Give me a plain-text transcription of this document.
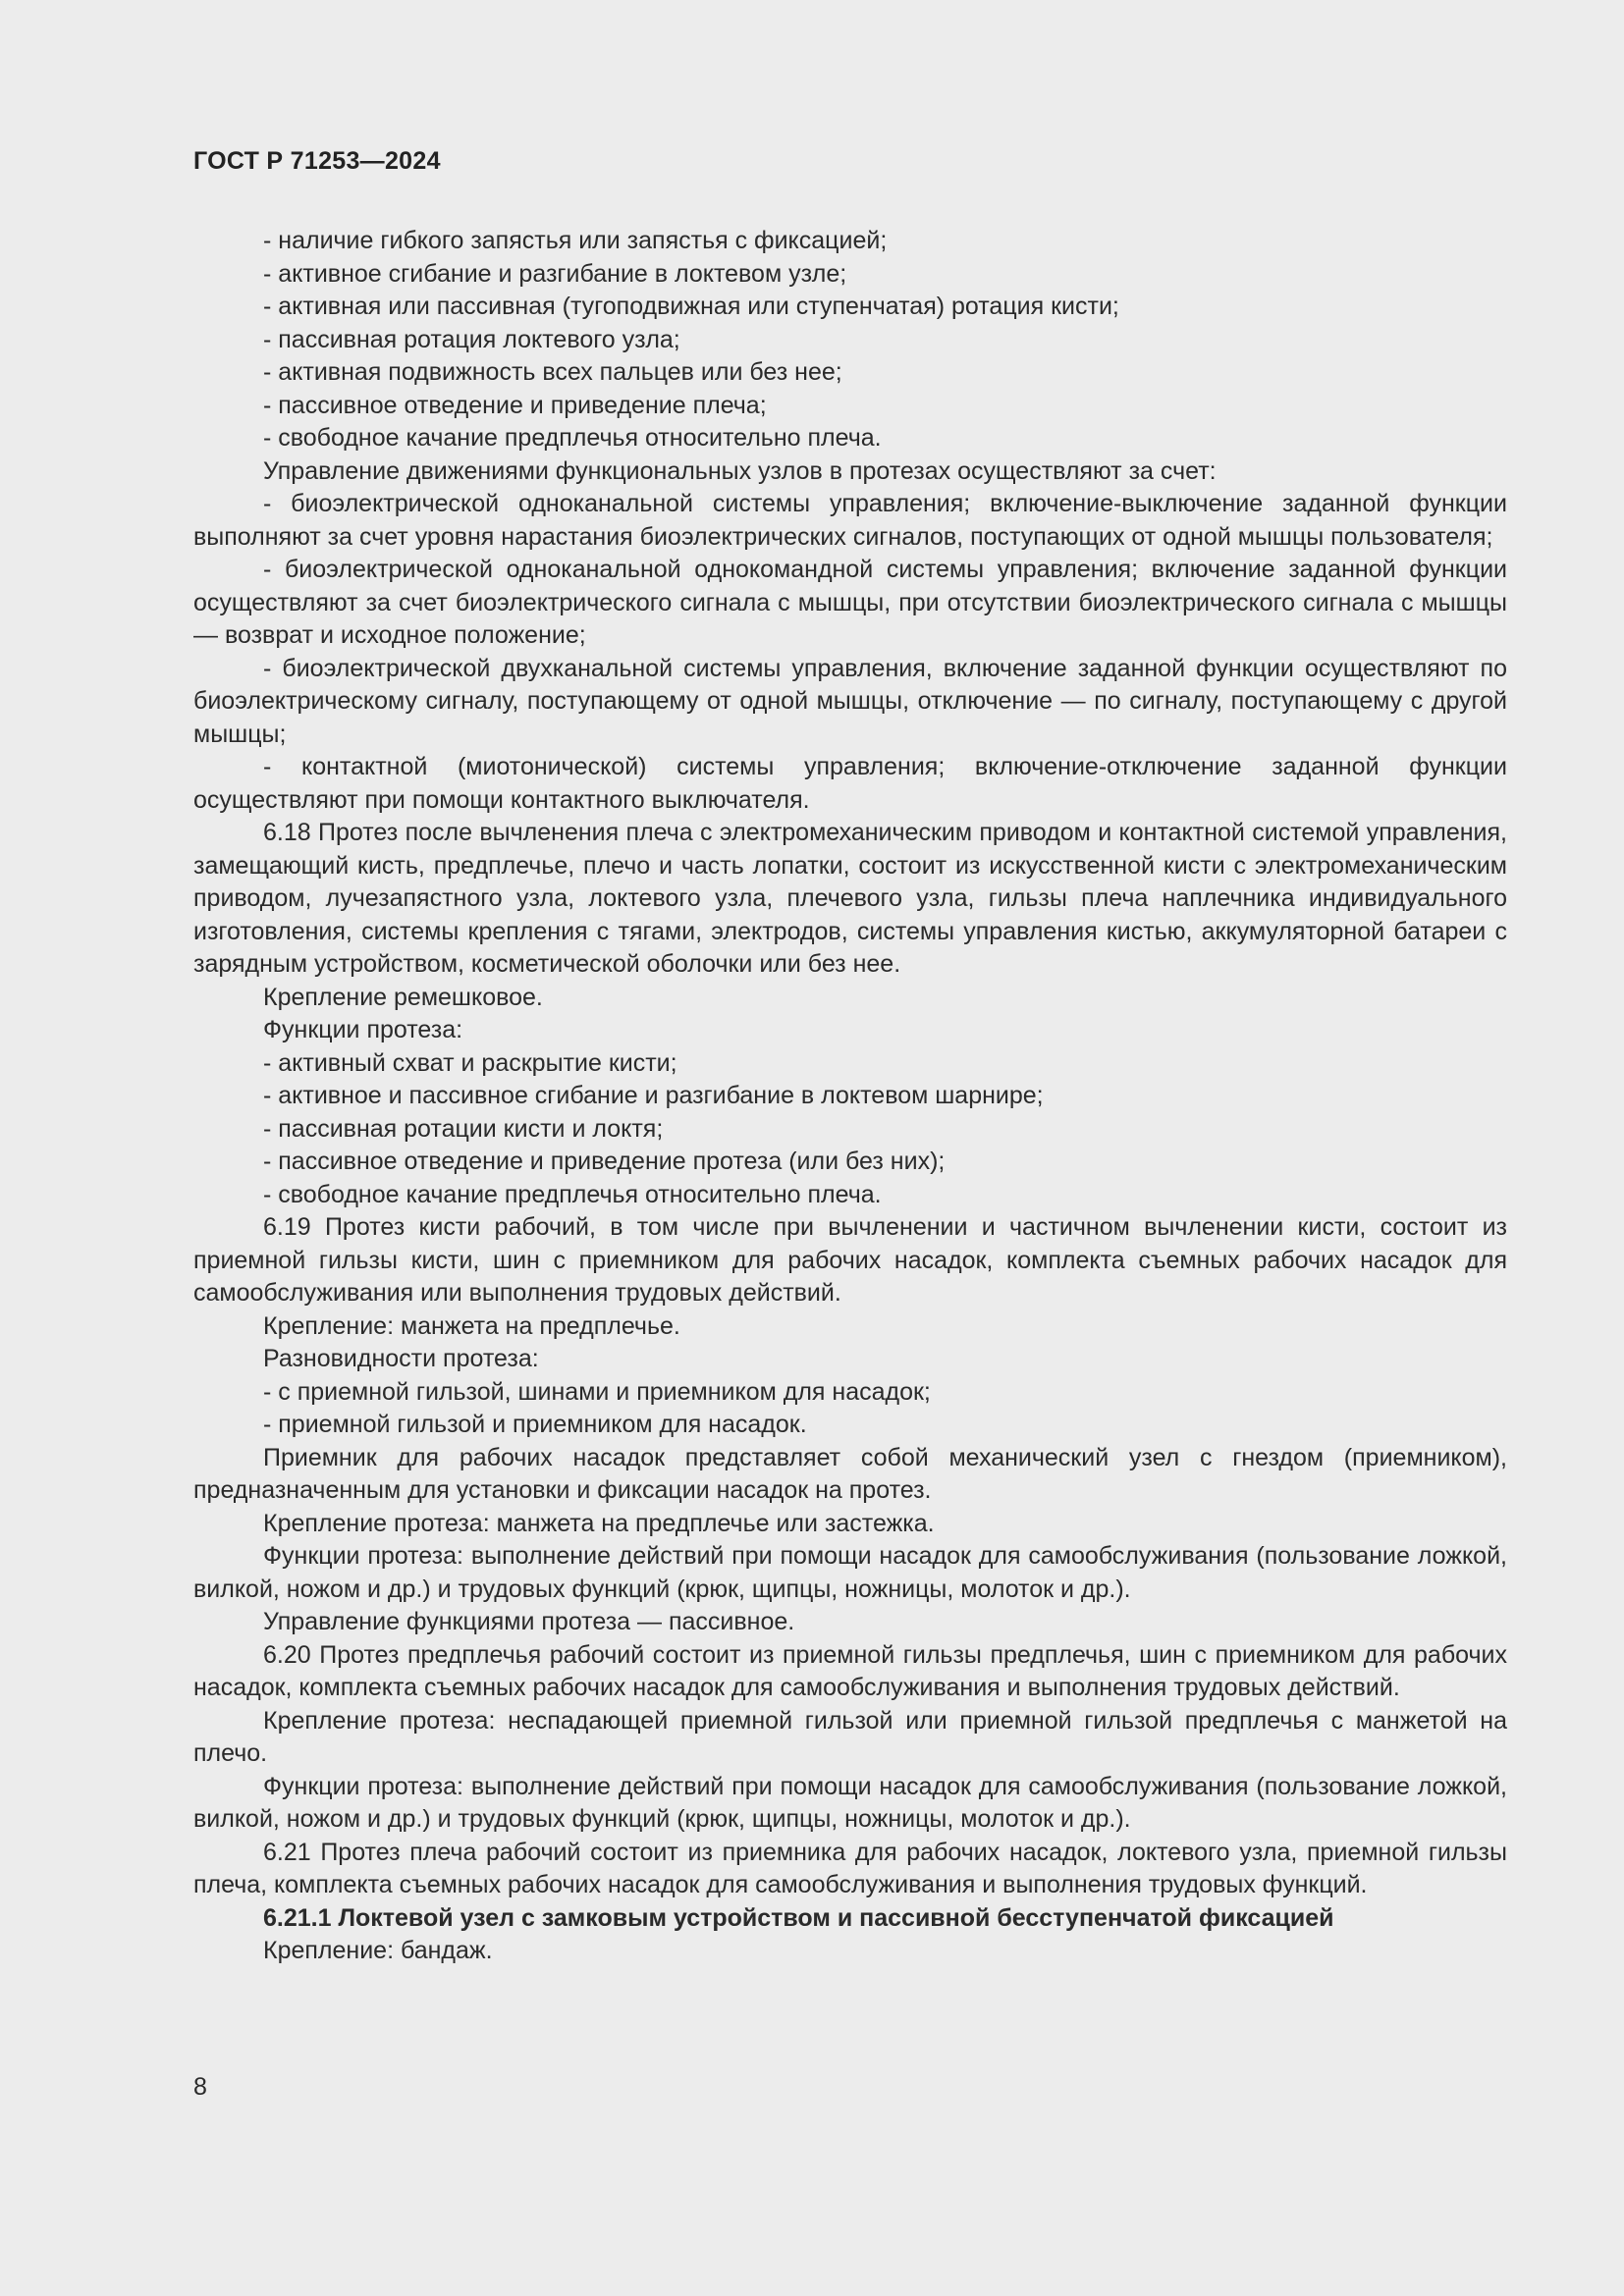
ГОСТ Р 71253—2024

- наличие гибкого запястья или запястья с фиксацией;

- активное сгибание и разгибание в локтевом узле;

- активная или пассивная (тугоподвижная или ступенчатая) ротация кисти;

- пассивная ротация локтевого узла;

- активная подвижность всех пальцев или без нее;

- пассивное отведение и приведение плеча;

- свободное качание предплечья относительно плеча.

Управление движениями функциональных узлов в протезах осуществляют за счет:

- биоэлектрической одноканальной системы управления; включение-выключение заданной функции выполняют за счет уровня нарастания биоэлектрических сигналов, поступающих от одной мышцы пользователя;

- биоэлектрической одноканальной однокомандной системы управления; включение заданной функции осуществляют за счет биоэлектрического сигнала с мышцы, при отсутствии биоэлектрического сигнала с мышцы — возврат и исходное положение;

- биоэлектрической двухканальной системы управления, включение заданной функции осуществляют по биоэлектрическому сигналу, поступающему от одной мышцы, отключение — по сигналу, поступающему с другой мышцы;

- контактной (миотонической) системы управления; включение-отключение заданной функции осуществляют при помощи контактного выключателя.

6.18 Протез после вычленения плеча с электромеханическим приводом и контактной системой управления, замещающий кисть, предплечье, плечо и часть лопатки, состоит из искусственной кисти с электромеханическим приводом, лучезапястного узла, локтевого узла, плечевого узла, гильзы плеча наплечника индивидуального изготовления, системы крепления с тягами, электродов, системы управления кистью, аккумуляторной батареи с зарядным устройством, косметической оболочки или без нее.

Крепление ремешковое.

Функции протеза:

- активный схват и раскрытие кисти;

- активное и пассивное сгибание и разгибание в локтевом шарнире;

- пассивная ротации кисти и локтя;

- пассивное отведение и приведение протеза (или без них);

- свободное качание предплечья относительно плеча.

6.19 Протез кисти рабочий, в том числе при вычленении и частичном вычленении кисти, состоит из приемной гильзы кисти, шин с приемником для рабочих насадок, комплекта съемных рабочих насадок для самообслуживания или выполнения трудовых действий.

Крепление: манжета на предплечье.

Разновидности протеза:

- с приемной гильзой, шинами и приемником для насадок;

- приемной гильзой и приемником для насадок.

Приемник для рабочих насадок представляет собой механический узел с гнездом (приемником), предназначенным для установки и фиксации насадок на протез.

Крепление протеза: манжета на предплечье или застежка.

Функции протеза: выполнение действий при помощи насадок для самообслуживания (пользование ложкой, вилкой, ножом и др.) и трудовых функций (крюк, щипцы, ножницы, молоток и др.).

Управление функциями протеза — пассивное.

6.20 Протез предплечья рабочий состоит из приемной гильзы предплечья, шин с приемником для рабочих насадок, комплекта съемных рабочих насадок для самообслуживания и выполнения трудовых действий.

Крепление протеза: неспадающей приемной гильзой или приемной гильзой предплечья с манжетой на плечо.

Функции протеза: выполнение действий при помощи насадок для самообслуживания (пользование ложкой, вилкой, ножом и др.) и трудовых функций (крюк, щипцы, ножницы, молоток и др.).

6.21 Протез плеча рабочий состоит из приемника для рабочих насадок, локтевого узла, приемной гильзы плеча, комплекта съемных рабочих насадок для самообслуживания и выполнения трудовых функций.

6.21.1 Локтевой узел с замковым устройством и пассивной бесступенчатой фиксацией

Крепление: бандаж.

8
